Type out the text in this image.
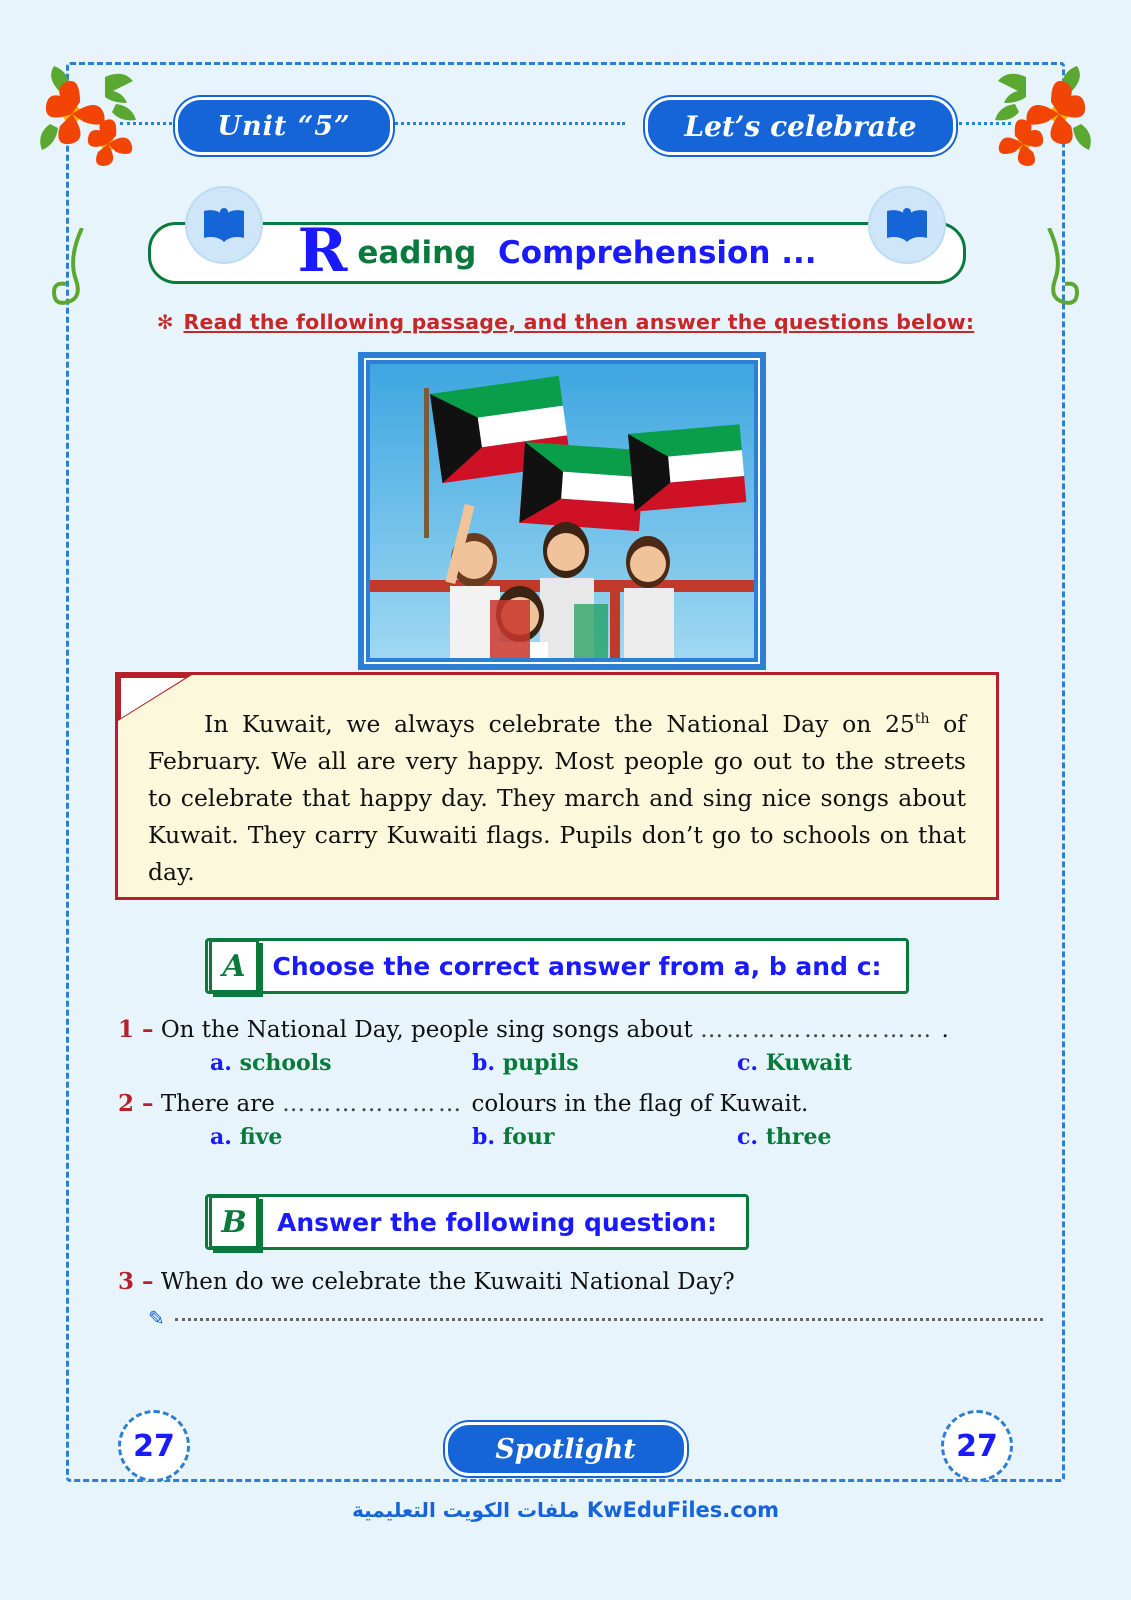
Unit “5”	Let’s celebrate
R eading Comprehension ...
✻ Read the following passage, and then answer the questions below:
In Kuwait, we always celebrate the National Day on 25th of February. We all are very happy. Most people go out to the streets to celebrate that happy day. They march and sing nice songs about Kuwait. They carry Kuwaiti flags. Pupils don’t go to schools on that day.
A	Choose the correct answer from a, b and c:
1 – On the National Day, people sing songs about ……………………… .
a. schools	b. pupils	c. Kuwait
2 – There are ………………… colours in the flag of Kuwait.
a. five	b. four	c. three
B	Answer the following question:
3 – When do we celebrate the Kuwaiti National Day?
✎
27	27
Spotlight
ملفات الكويت التعليمية KwEduFiles.com
